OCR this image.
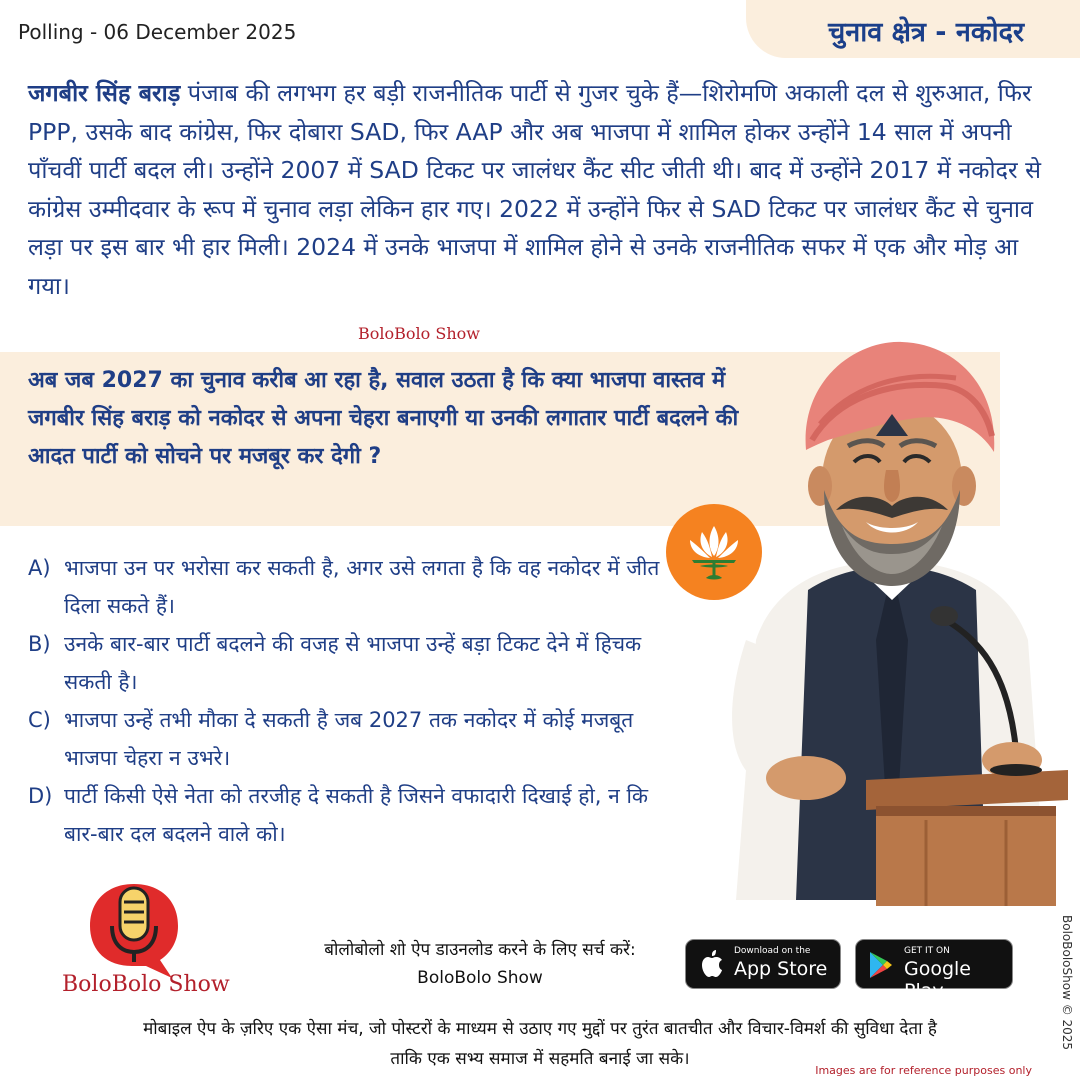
Polling - 06 December 2025	चुनाव क्षेत्र - नकोदर
जगबीर सिंह बराड़ पंजाब की लगभग हर बड़ी राजनीतिक पार्टी से गुजर चुके हैं—शिरोमणि अकाली दल से शुरुआत, फिर PPP, उसके बाद कांग्रेस, फिर दोबारा SAD, फिर AAP और अब भाजपा में शामिल होकर उन्होंने 14 साल में अपनी पाँचवीं पार्टी बदल ली। उन्होंने 2007 में SAD टिकट पर जालंधर कैंट सीट जीती थी। बाद में उन्होंने 2017 में नकोदर से कांग्रेस उम्मीदवार के रूप में चुनाव लड़ा लेकिन हार गए। 2022 में उन्होंने फिर से SAD टिकट पर जालंधर कैंट से चुनाव लड़ा पर इस बार भी हार मिली। 2024 में उनके भाजपा में शामिल होने से उनके राजनीतिक सफर में एक और मोड़ आ गया।
BoloBolo Show
अब जब 2027 का चुनाव करीब आ रहा है, सवाल उठता है कि क्या भाजपा वास्तव में जगबीर सिंह बराड़ को नकोदर से अपना चेहरा बनाएगी या उनकी लगातार पार्टी बदलने की आदत पार्टी को सोचने पर मजबूर कर देगी ?
A) भाजपा उन पर भरोसा कर सकती है, अगर उसे लगता है कि वह नकोदर में जीत दिला सकते हैं।
B) उनके बार-बार पार्टी बदलने की वजह से भाजपा उन्हें बड़ा टिकट देने में हिचक सकती है।
C) भाजपा उन्हें तभी मौका दे सकती है जब 2027 तक नकोदर में कोई मजबूत भाजपा चेहरा न उभरे।
D) पार्टी किसी ऐसे नेता को तरजीह दे सकती है जिसने वफादारी दिखाई हो, न कि बार-बार दल बदलने वाले को।
BoloBolo Show
बोलोबोलो शो ऐप डाउनलोड करने के लिए सर्च करें:
BoloBolo Show
Download on the
App Store
GET IT ON
Google Play	BoloBoloShow © 2025
मोबाइल ऐप के ज़रिए एक ऐसा मंच, जो पोस्टरों के माध्यम से उठाए गए मुद्दों पर तुरंत बातचीत और विचार-विमर्श की सुविधा देता है
ताकि एक सभ्य समाज में सहमति बनाई जा सके।
Images are for reference purposes only
